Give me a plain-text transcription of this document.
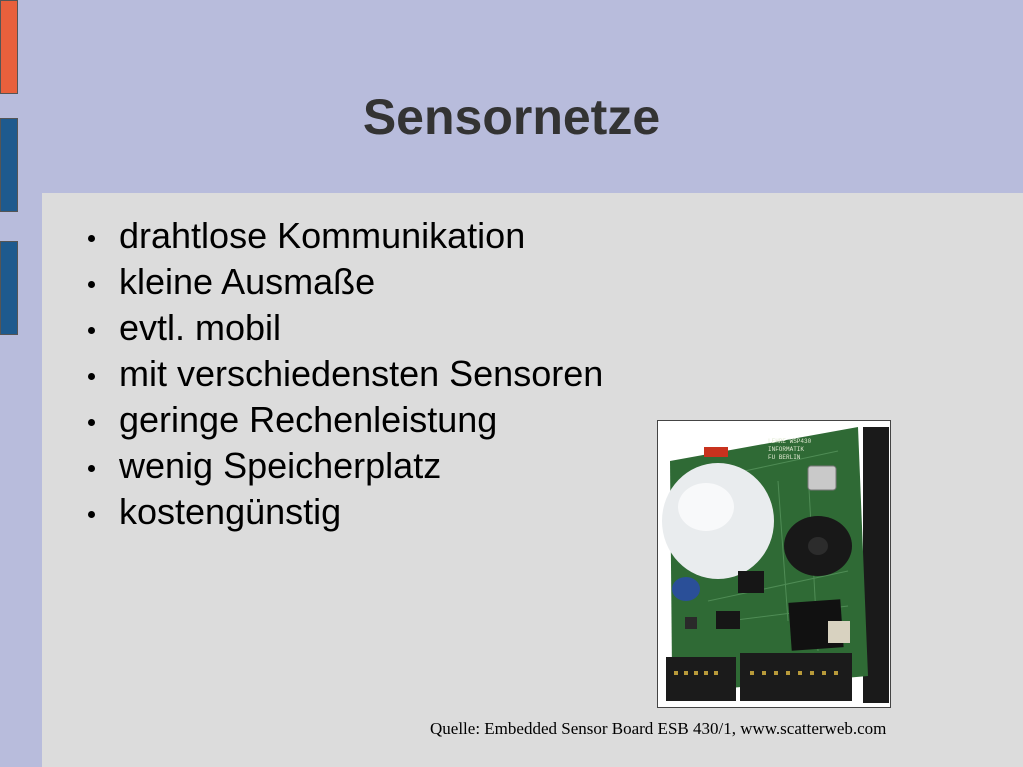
Sensornetze
drahtlose Kommunikation
kleine Ausmaße
evtl. mobil
mit verschiedensten Sensoren
geringe Rechenleistung
wenig Speicherplatz
kostengünstig
LEHRE WSP430
INFORMATIK
FU BERLIN
Quelle: Embedded Sensor Board ESB 430/1, www.scatterweb.com
